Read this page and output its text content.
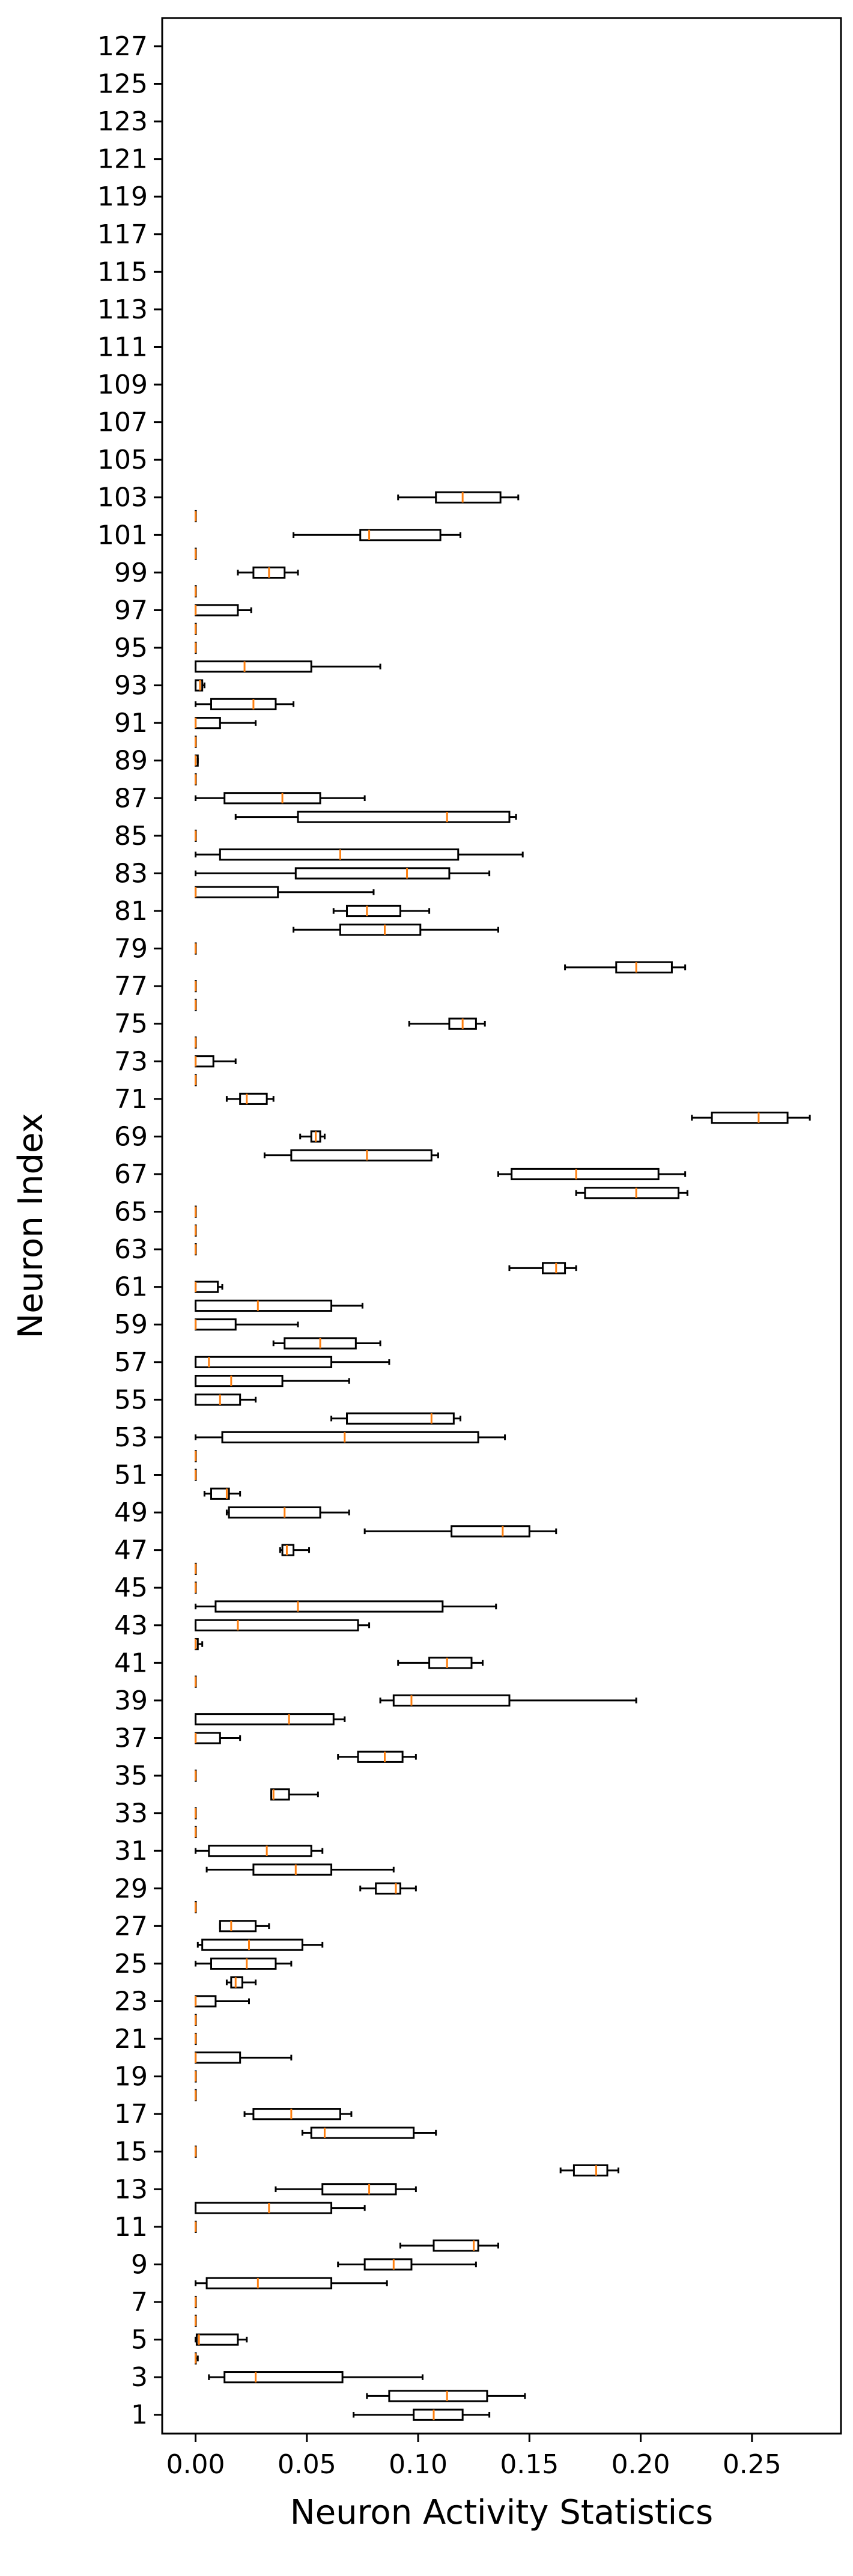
1
3
5
7
9
11
13
15
17
19
21
23
25
27
29
31
33
35
37
39
41
43
45
47
49
51
53
55
57
59
61
63
65
67
69
71
73
75
77
79
81
83
85
87
89
91
93
95
97
99
101
103
105
107
109
111
113
115
117
119
121
123
125
127
0.00 0.05 0.10 0.15 0.20 0.25
Neuron Activity Statistics
Neuron Index
